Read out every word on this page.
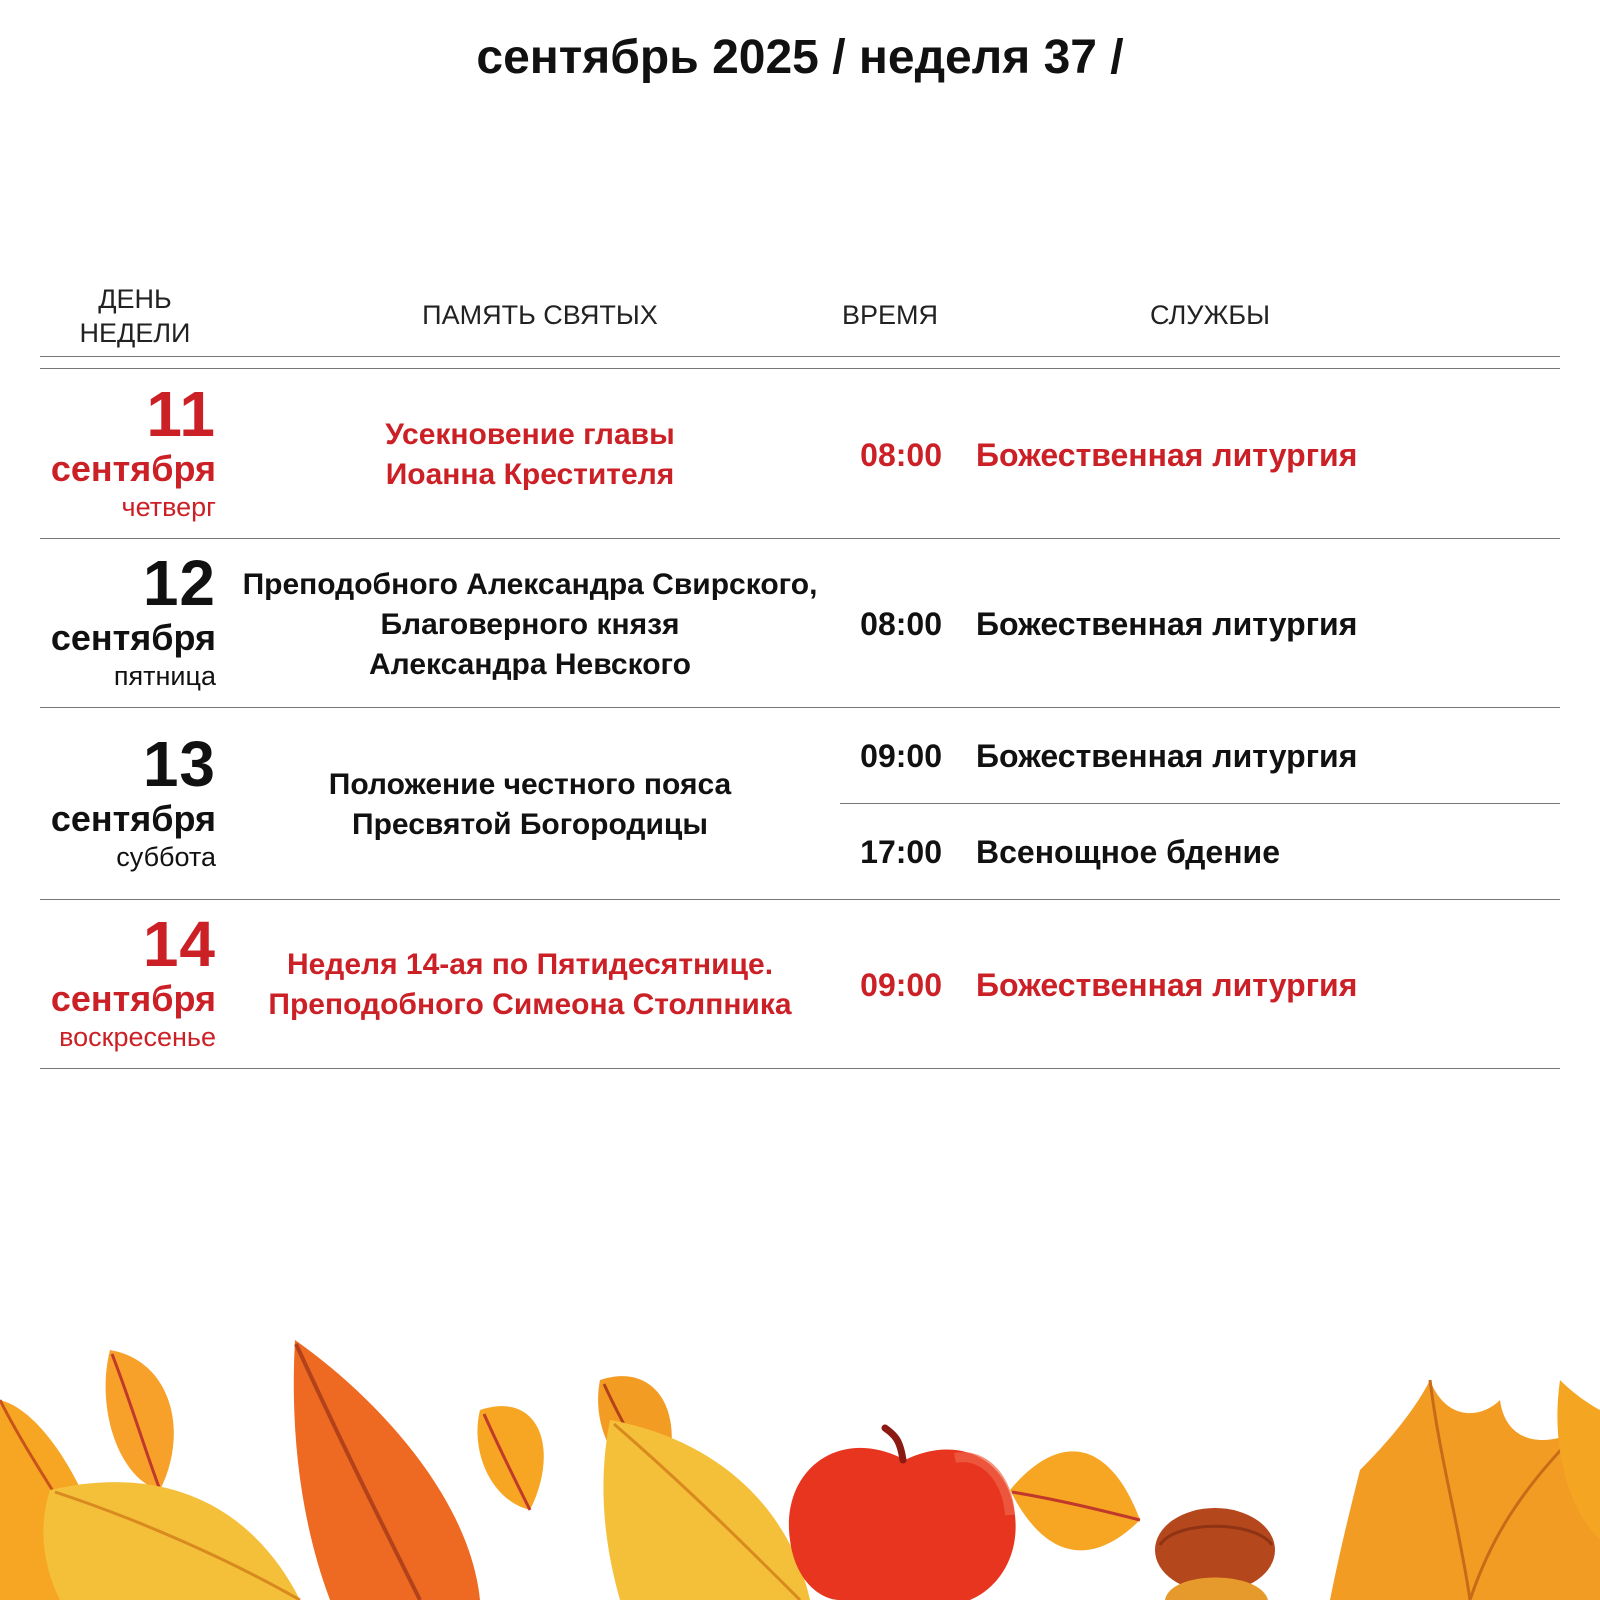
сентябрь 2025 / неделя 37 /
ДЕНЬ
НЕДЕЛИ
ПАМЯТЬ СВЯТЫХ	ВРЕМЯ	СЛУЖБЫ
11
сентября
четверг
Усекновение главы
Иоанна Крестителя
08:00 Божественная литургия
12
сентября
пятница
Преподобного Александра Свирского,
Благоверного князя
Александра Невского
08:00 Божественная литургия
13
сентября
суббота
Положение честного пояса
Пресвятой Богородицы
09:00 Божественная литургия
17:00 Всенощное бдение
14
сентября
воскресенье
Неделя 14-ая по Пятидесятнице.
Преподобного Симеона Столпника
09:00 Божественная литургия
